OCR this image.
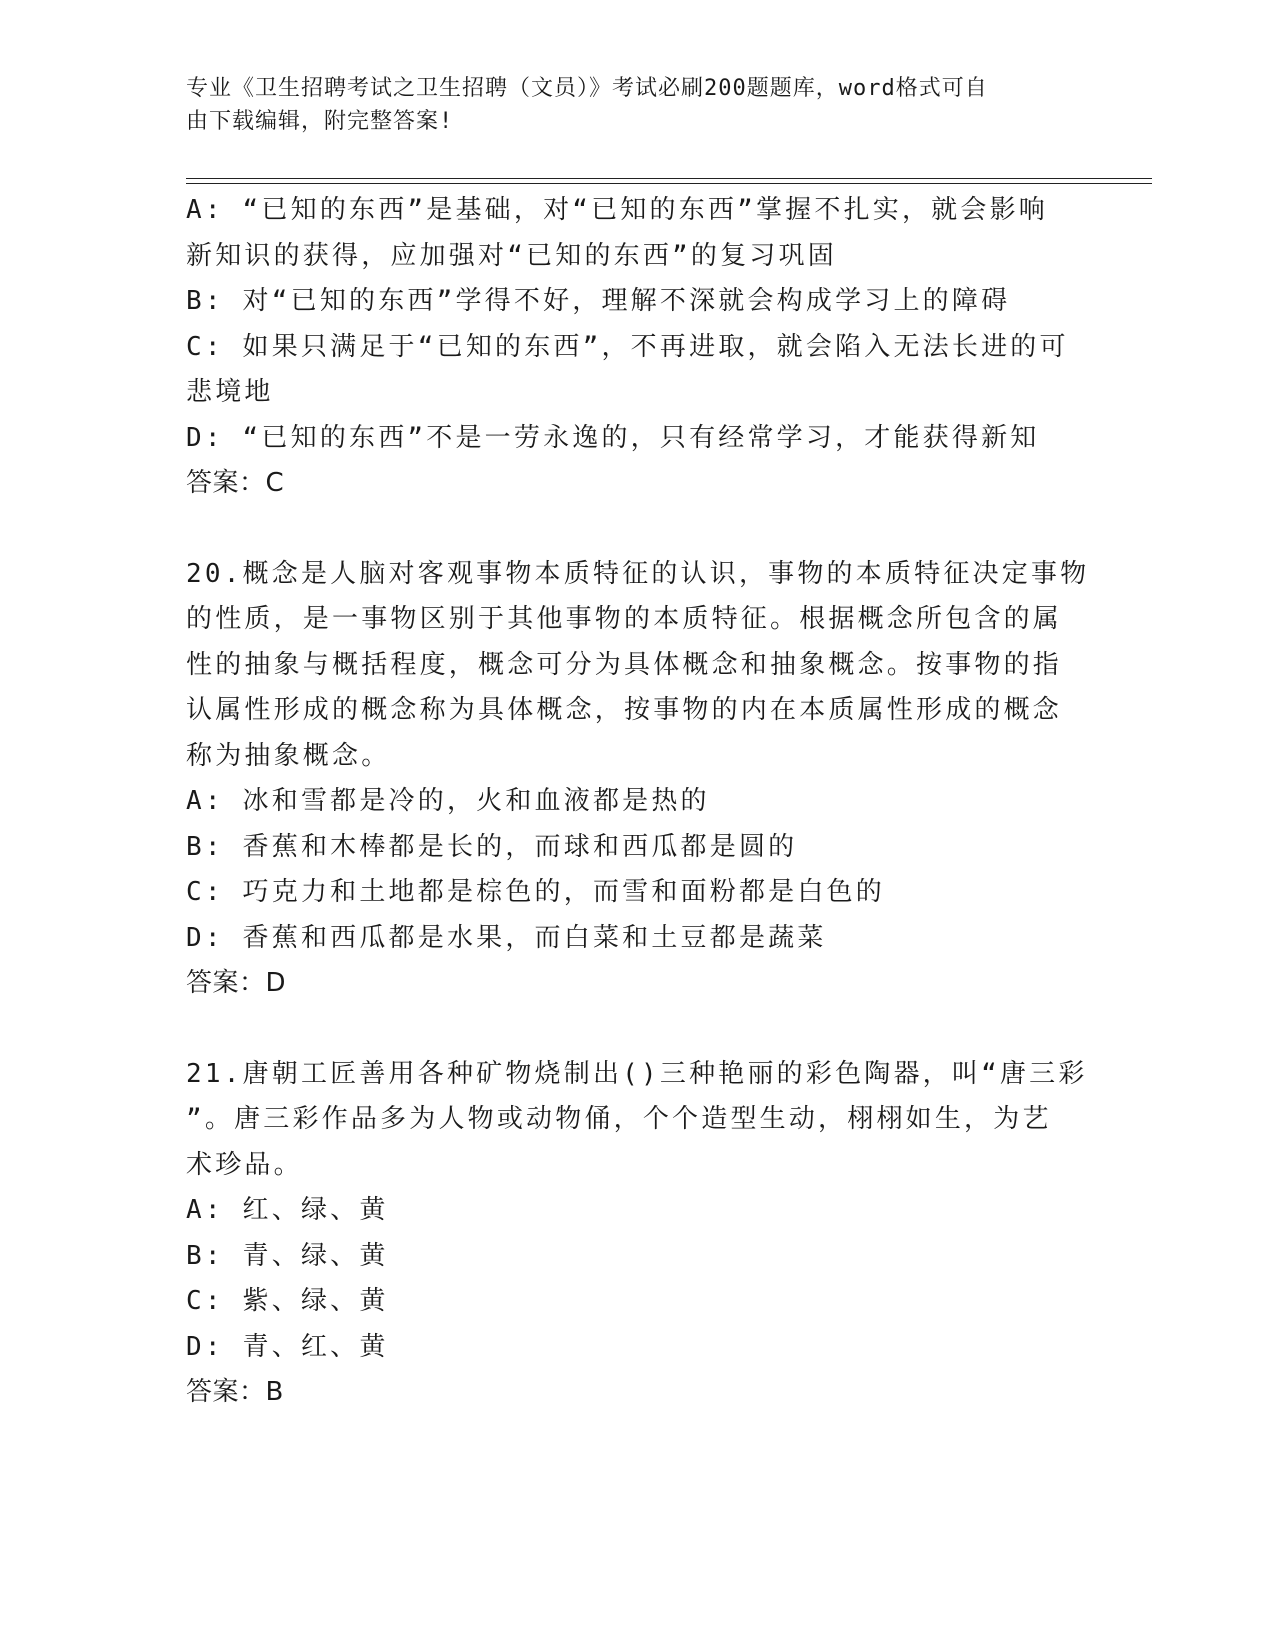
专业《卫生招聘考试之卫生招聘（文员）》考试必刷200题题库，word格式可自
由下载编辑，附完整答案!
A: “已知的东西”是基础，对“已知的东西”掌握不扎实，就会影响
新知识的获得，应加强对“已知的东西”的复习巩固
B: 对“已知的东西”学得不好，理解不深就会构成学习上的障碍
C: 如果只满足于“已知的东西”，不再进取，就会陷入无法长进的可
悲境地
D: “已知的东西”不是一劳永逸的，只有经常学习，才能获得新知
答案：C
20.概念是人脑对客观事物本质特征的认识，事物的本质特征决定事物
的性质，是一事物区别于其他事物的本质特征。根据概念所包含的属
性的抽象与概括程度，概念可分为具体概念和抽象概念。按事物的指
认属性形成的概念称为具体概念，按事物的内在本质属性形成的概念
称为抽象概念。
A: 冰和雪都是冷的，火和血液都是热的
B: 香蕉和木棒都是长的，而球和西瓜都是圆的
C: 巧克力和土地都是棕色的，而雪和面粉都是白色的
D: 香蕉和西瓜都是水果，而白菜和土豆都是蔬菜
答案：D
21.唐朝工匠善用各种矿物烧制出()三种艳丽的彩色陶器，叫“唐三彩
”。唐三彩作品多为人物或动物俑，个个造型生动，栩栩如生，为艺
术珍品。
A: 红、绿、黄
B: 青、绿、黄
C: 紫、绿、黄
D: 青、红、黄
答案：B
